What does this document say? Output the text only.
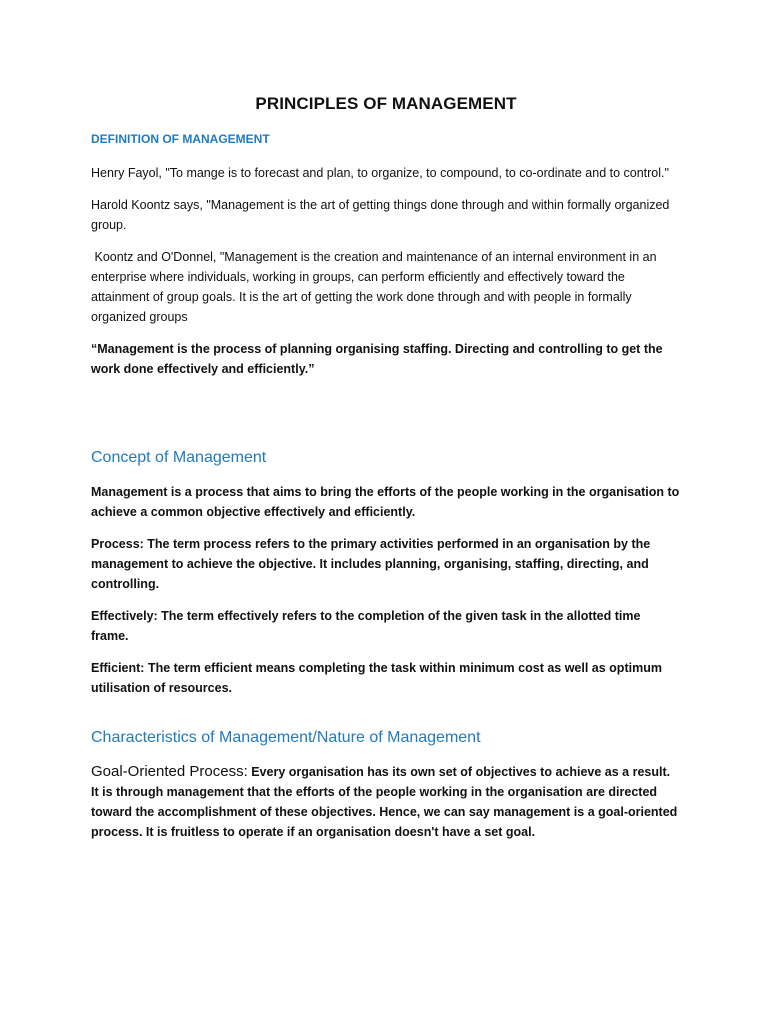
PRINCIPLES OF MANAGEMENT
DEFINITION OF MANAGEMENT

Henry Fayol, "To mange is to forecast and plan, to organize, to compound, to co-ordinate and to control."

Harold Koontz says, "Management is the art of getting things done through and within formally organized group.

Koontz and O'Donnel, "Management is the creation and maintenance of an internal environment in an enterprise where individuals, working in groups, can perform efficiently and effectively toward the attainment of group goals. It is the art of getting the work done through and with people in formally organized groups

“Management is the process of planning organising staffing. Directing and controlling to get the work done effectively and efficiently.”

Concept of Management

Management is a process that aims to bring the efforts of the people working in the organisation to achieve a common objective effectively and efficiently.

Process: The term process refers to the primary activities performed in an organisation by the management to achieve the objective. It includes planning, organising, staffing, directing, and controlling.

Effectively: The term effectively refers to the completion of the given task in the allotted time frame.

Efficient: The term efficient means completing the task within minimum cost as well as optimum utilisation of resources.

Characteristics of Management/Nature of Management

Goal-Oriented Process: Every organisation has its own set of objectives to achieve as a result. It is through management that the efforts of the people working in the organisation are directed toward the accomplishment of these objectives. Hence, we can say management is a goal-oriented process. It is fruitless to operate if an organisation doesn't have a set goal.
